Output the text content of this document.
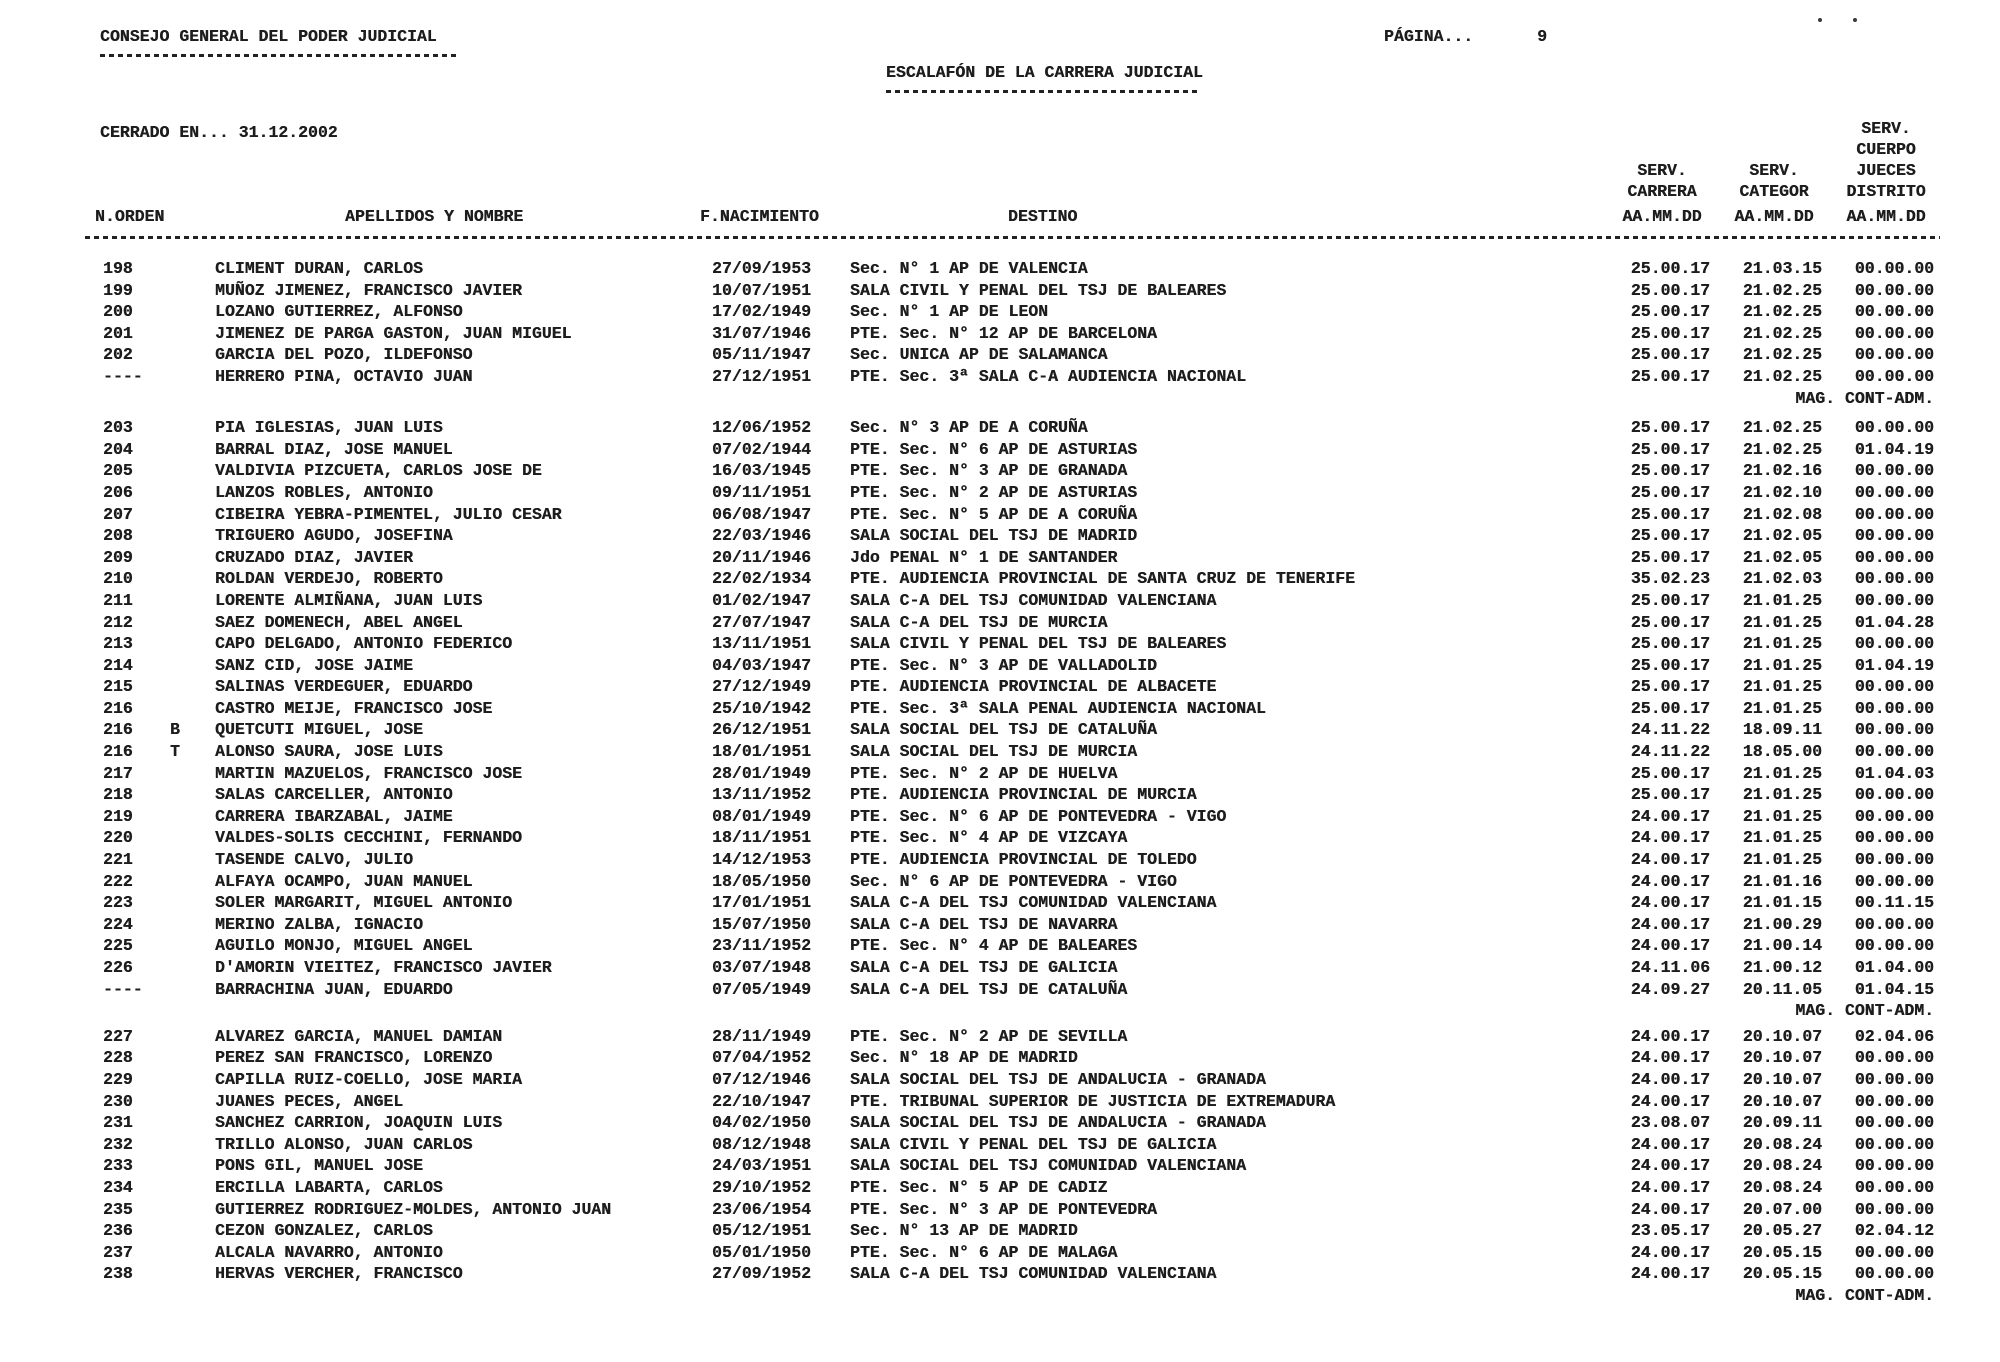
CONSEJO GENERAL DEL PODER JUDICIAL	PÁGINA...	9
ESCALAFÓN DE LA CARRERA JUDICIAL
CERRADO EN... 31.12.2002	SERV.
CUERPO
SERV.	SERV.	JUECES
CARRERA	CATEGOR	DISTRITO
N.ORDEN	APELLIDOS Y NOMBRE	F.NACIMIENTO	DESTINO	AA.MM.DD	AA.MM.DD	AA.MM.DD
198	CLIMENT DURAN, CARLOS	27/09/1953 Sec. N° 1 AP DE VALENCIA	25.00.17	21.03.15	00.00.00
199	MUÑOZ JIMENEZ, FRANCISCO JAVIER	10/07/1951 SALA CIVIL Y PENAL DEL TSJ DE BALEARES	25.00.17	21.02.25	00.00.00
200	LOZANO GUTIERREZ, ALFONSO	17/02/1949 Sec. N° 1 AP DE LEON	25.00.17	21.02.25	00.00.00
201	JIMENEZ DE PARGA GASTON, JUAN MIGUEL	31/07/1946 PTE. Sec. N° 12 AP DE BARCELONA	25.00.17	21.02.25	00.00.00
202	GARCIA DEL POZO, ILDEFONSO	05/11/1947 Sec. UNICA AP DE SALAMANCA	25.00.17	21.02.25	00.00.00
----	HERRERO PINA, OCTAVIO JUAN	27/12/1951 PTE. Sec. 3ª SALA C-A AUDIENCIA NACIONAL	25.00.17	21.02.25	00.00.00
MAG. CONT-ADM.
203	PIA IGLESIAS, JUAN LUIS	12/06/1952 Sec. N° 3 AP DE A CORUÑA	25.00.17	21.02.25	00.00.00
204	BARRAL DIAZ, JOSE MANUEL	07/02/1944 PTE. Sec. N° 6 AP DE ASTURIAS	25.00.17	21.02.25	01.04.19
205	VALDIVIA PIZCUETA, CARLOS JOSE DE	16/03/1945 PTE. Sec. N° 3 AP DE GRANADA	25.00.17	21.02.16	00.00.00
206	LANZOS ROBLES, ANTONIO	09/11/1951 PTE. Sec. N° 2 AP DE ASTURIAS	25.00.17	21.02.10	00.00.00
207	CIBEIRA YEBRA-PIMENTEL, JULIO CESAR	06/08/1947 PTE. Sec. N° 5 AP DE A CORUÑA	25.00.17	21.02.08	00.00.00
208	TRIGUERO AGUDO, JOSEFINA	22/03/1946 SALA SOCIAL DEL TSJ DE MADRID	25.00.17	21.02.05	00.00.00
209	CRUZADO DIAZ, JAVIER	20/11/1946 Jdo PENAL N° 1 DE SANTANDER	25.00.17	21.02.05	00.00.00
210	ROLDAN VERDEJO, ROBERTO	22/02/1934 PTE. AUDIENCIA PROVINCIAL DE SANTA CRUZ DE TENERIFE	35.02.23	21.02.03	00.00.00
211	LORENTE ALMIÑANA, JUAN LUIS	01/02/1947 SALA C-A DEL TSJ COMUNIDAD VALENCIANA	25.00.17	21.01.25	00.00.00
212	SAEZ DOMENECH, ABEL ANGEL	27/07/1947 SALA C-A DEL TSJ DE MURCIA	25.00.17	21.01.25	01.04.28
213	CAPO DELGADO, ANTONIO FEDERICO	13/11/1951 SALA CIVIL Y PENAL DEL TSJ DE BALEARES	25.00.17	21.01.25	00.00.00
214	SANZ CID, JOSE JAIME	04/03/1947 PTE. Sec. N° 3 AP DE VALLADOLID	25.00.17	21.01.25	01.04.19
215	SALINAS VERDEGUER, EDUARDO	27/12/1949 PTE. AUDIENCIA PROVINCIAL DE ALBACETE	25.00.17	21.01.25	00.00.00
216	CASTRO MEIJE, FRANCISCO JOSE	25/10/1942 PTE. Sec. 3ª SALA PENAL AUDIENCIA NACIONAL	25.00.17	21.01.25	00.00.00
216 B QUETCUTI MIGUEL, JOSE	26/12/1951 SALA SOCIAL DEL TSJ DE CATALUÑA	24.11.22	18.09.11	00.00.00
216 T ALONSO SAURA, JOSE LUIS	18/01/1951 SALA SOCIAL DEL TSJ DE MURCIA	24.11.22	18.05.00	00.00.00
217	MARTIN MAZUELOS, FRANCISCO JOSE	28/01/1949 PTE. Sec. N° 2 AP DE HUELVA	25.00.17	21.01.25	01.04.03
218	SALAS CARCELLER, ANTONIO	13/11/1952 PTE. AUDIENCIA PROVINCIAL DE MURCIA	25.00.17	21.01.25	00.00.00
219	CARRERA IBARZABAL, JAIME	08/01/1949 PTE. Sec. N° 6 AP DE PONTEVEDRA - VIGO	24.00.17	21.01.25	00.00.00
220	VALDES-SOLIS CECCHINI, FERNANDO	18/11/1951 PTE. Sec. N° 4 AP DE VIZCAYA	24.00.17	21.01.25	00.00.00
221	TASENDE CALVO, JULIO	14/12/1953 PTE. AUDIENCIA PROVINCIAL DE TOLEDO	24.00.17	21.01.25	00.00.00
222	ALFAYA OCAMPO, JUAN MANUEL	18/05/1950 Sec. N° 6 AP DE PONTEVEDRA - VIGO	24.00.17	21.01.16	00.00.00
223	SOLER MARGARIT, MIGUEL ANTONIO	17/01/1951 SALA C-A DEL TSJ COMUNIDAD VALENCIANA	24.00.17	21.01.15	00.11.15
224	MERINO ZALBA, IGNACIO	15/07/1950 SALA C-A DEL TSJ DE NAVARRA	24.00.17	21.00.29	00.00.00
225	AGUILO MONJO, MIGUEL ANGEL	23/11/1952 PTE. Sec. N° 4 AP DE BALEARES	24.00.17	21.00.14	00.00.00
226	D'AMORIN VIEITEZ, FRANCISCO JAVIER	03/07/1948 SALA C-A DEL TSJ DE GALICIA	24.11.06	21.00.12	01.04.00
----	BARRACHINA JUAN, EDUARDO	07/05/1949 SALA C-A DEL TSJ DE CATALUÑA	24.09.27	20.11.05	01.04.15
MAG. CONT-ADM.
227	ALVAREZ GARCIA, MANUEL DAMIAN	28/11/1949 PTE. Sec. N° 2 AP DE SEVILLA	24.00.17	20.10.07	02.04.06
228	PEREZ SAN FRANCISCO, LORENZO	07/04/1952 Sec. N° 18 AP DE MADRID	24.00.17	20.10.07	00.00.00
229	CAPILLA RUIZ-COELLO, JOSE MARIA	07/12/1946 SALA SOCIAL DEL TSJ DE ANDALUCIA - GRANADA	24.00.17	20.10.07	00.00.00
230	JUANES PECES, ANGEL	22/10/1947 PTE. TRIBUNAL SUPERIOR DE JUSTICIA DE EXTREMADURA	24.00.17	20.10.07	00.00.00
231	SANCHEZ CARRION, JOAQUIN LUIS	04/02/1950 SALA SOCIAL DEL TSJ DE ANDALUCIA - GRANADA	23.08.07	20.09.11	00.00.00
232	TRILLO ALONSO, JUAN CARLOS	08/12/1948 SALA CIVIL Y PENAL DEL TSJ DE GALICIA	24.00.17	20.08.24	00.00.00
233	PONS GIL, MANUEL JOSE	24/03/1951 SALA SOCIAL DEL TSJ COMUNIDAD VALENCIANA	24.00.17	20.08.24	00.00.00
234	ERCILLA LABARTA, CARLOS	29/10/1952 PTE. Sec. N° 5 AP DE CADIZ	24.00.17	20.08.24	00.00.00
235	GUTIERREZ RODRIGUEZ-MOLDES, ANTONIO JUAN	23/06/1954 PTE. Sec. N° 3 AP DE PONTEVEDRA	24.00.17	20.07.00	00.00.00
236	CEZON GONZALEZ, CARLOS	05/12/1951 Sec. N° 13 AP DE MADRID	23.05.17	20.05.27	02.04.12
237	ALCALA NAVARRO, ANTONIO	05/01/1950 PTE. Sec. N° 6 AP DE MALAGA	24.00.17	20.05.15	00.00.00
238	HERVAS VERCHER, FRANCISCO	27/09/1952 SALA C-A DEL TSJ COMUNIDAD VALENCIANA	24.00.17	20.05.15	00.00.00
MAG. CONT-ADM.
